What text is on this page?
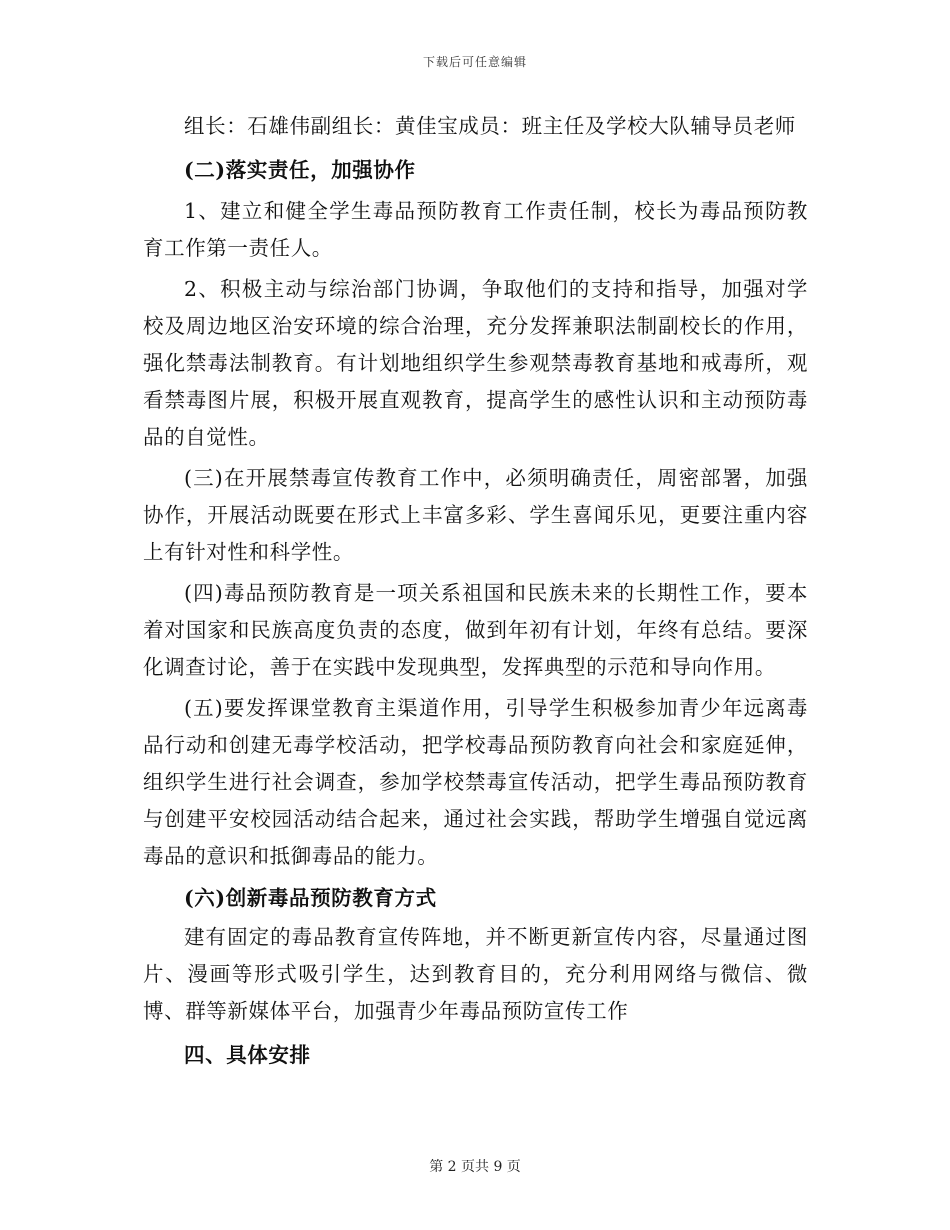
下载后可任意编辑

组长：石雄伟副组长：黄佳宝成员：班主任及学校大队辅导员老师

(二)落实责任，加强协作

1、建立和健全学生毒品预防教育工作责任制，校长为毒品预防教育工作第一责任人。

2、积极主动与综治部门协调，争取他们的支持和指导，加强对学校及周边地区治安环境的综合治理，充分发挥兼职法制副校长的作用，强化禁毒法制教育。有计划地组织学生参观禁毒教育基地和戒毒所，观看禁毒图片展，积极开展直观教育，提高学生的感性认识和主动预防毒品的自觉性。

(三)在开展禁毒宣传教育工作中，必须明确责任，周密部署，加强协作，开展活动既要在形式上丰富多彩、学生喜闻乐见，更要注重内容上有针对性和科学性。

(四)毒品预防教育是一项关系祖国和民族未来的长期性工作，要本着对国家和民族高度负责的态度，做到年初有计划，年终有总结。要深化调查讨论，善于在实践中发现典型，发挥典型的示范和导向作用。

(五)要发挥课堂教育主渠道作用，引导学生积极参加青少年远离毒品行动和创建无毒学校活动，把学校毒品预防教育向社会和家庭延伸，组织学生进行社会调查，参加学校禁毒宣传活动，把学生毒品预防教育与创建平安校园活动结合起来，通过社会实践，帮助学生增强自觉远离毒品的意识和抵御毒品的能力。

(六)创新毒品预防教育方式

建有固定的毒品教育宣传阵地，并不断更新宣传内容，尽量通过图片、漫画等形式吸引学生，达到教育目的，充分利用网络与微信、微博、群等新媒体平台，加强青少年毒品预防宣传工作

四、具体安排

第 2 页共 9 页
